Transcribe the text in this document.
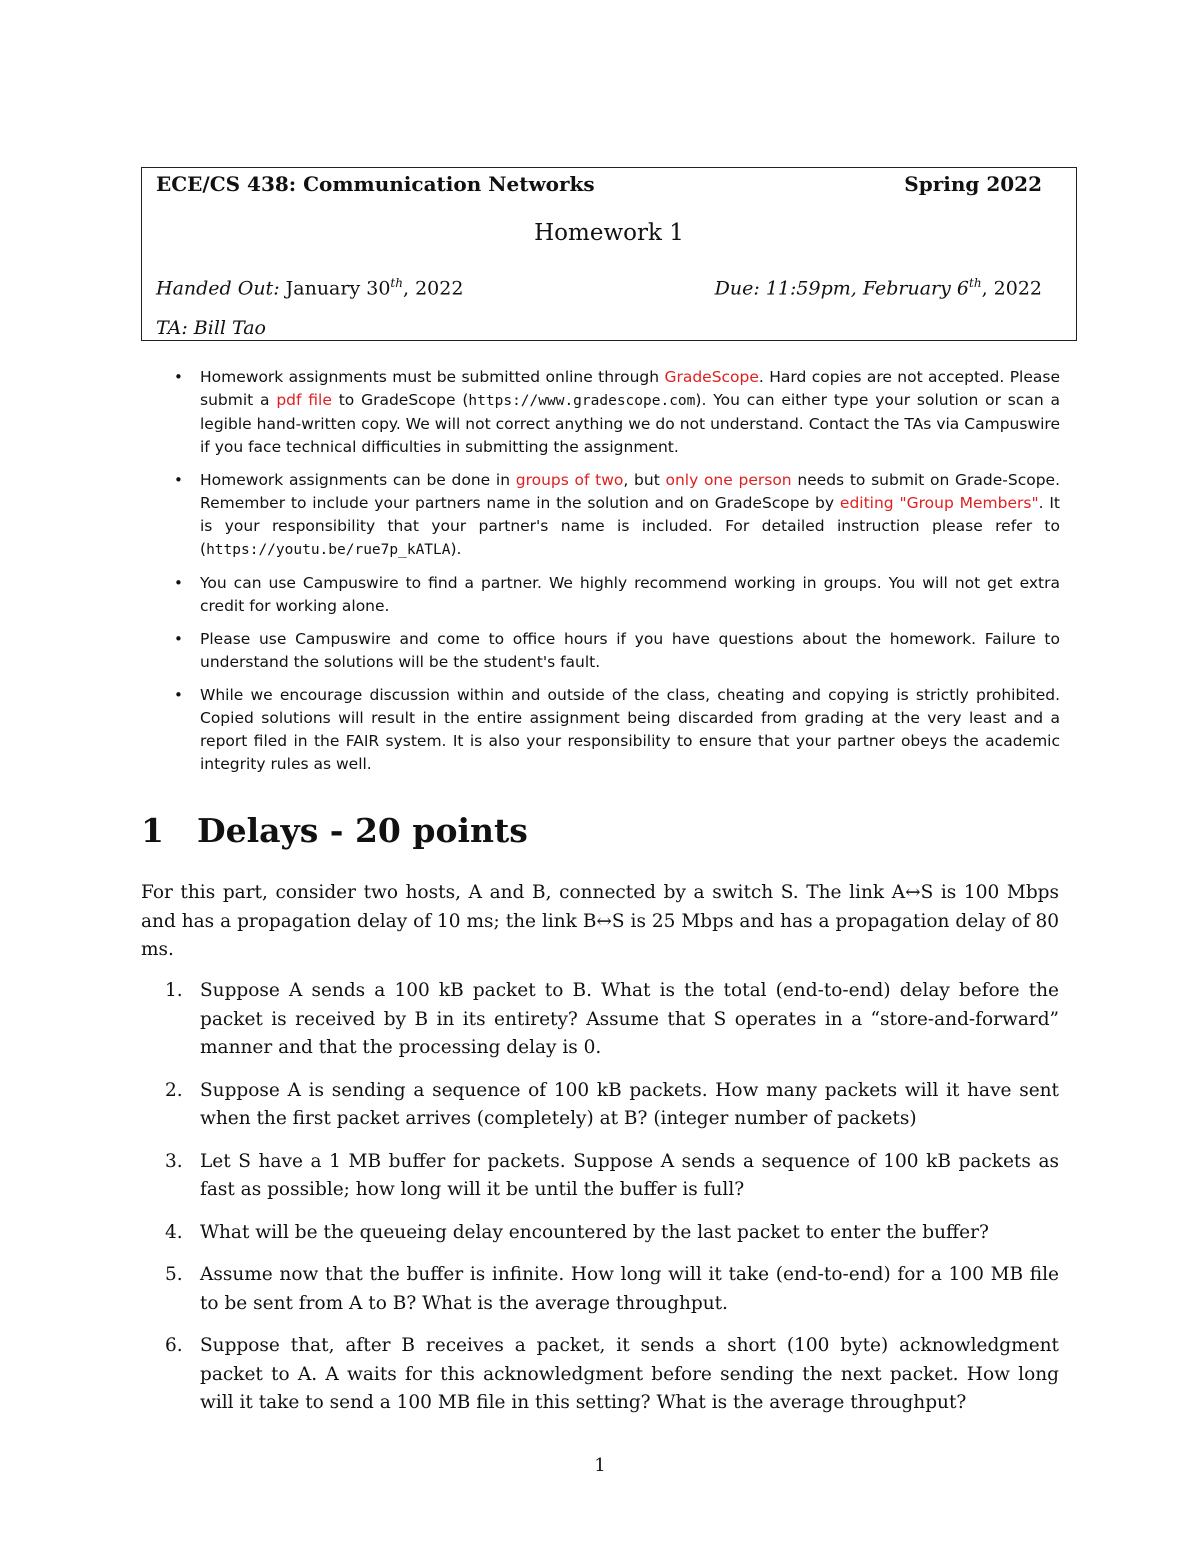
ECE/CS 438: Communication Networks	Spring 2022
Homework 1
Handed Out: January 30th, 2022	Due: 11:59pm, February 6th, 2022
TA: Bill Tao
• Homework assignments must be submitted online through GradeScope. Hard copies are not accepted. Please submit a pdf file to GradeScope (https://www.gradescope.com). You can either type your solution or scan a legible hand-written copy. We will not correct anything we do not understand. Contact the TAs via Campuswire if you face technical difficulties in submitting the assignment.
• Homework assignments can be done in groups of two, but only one person needs to submit on Grade-Scope. Remember to include your partners name in the solution and on GradeScope by editing "Group Members". It is your responsibility that your partner's name is included. For detailed instruction please refer to (https://youtu.be/rue7p_kATLA).
• You can use Campuswire to find a partner. We highly recommend working in groups. You will not get extra credit for working alone.
• Please use Campuswire and come to office hours if you have questions about the homework. Failure to understand the solutions will be the student's fault.
• While we encourage discussion within and outside of the class, cheating and copying is strictly prohibited. Copied solutions will result in the entire assignment being discarded from grading at the very least and a report filed in the FAIR system. It is also your responsibility to ensure that your partner obeys the academic integrity rules as well.
1 Delays - 20 points

For this part, consider two hosts, A and B, connected by a switch S. The link A↔S is 100 Mbps and has a propagation delay of 10 ms; the link B↔S is 25 Mbps and has a propagation delay of 80 ms.

1. Suppose A sends a 100 kB packet to B. What is the total (end-to-end) delay before the packet is received by B in its entirety? Assume that S operates in a “store-and-forward” manner and that the processing delay is 0.
2. Suppose A is sending a sequence of 100 kB packets. How many packets will it have sent when the first packet arrives (completely) at B? (integer number of packets)
3. Let S have a 1 MB buffer for packets. Suppose A sends a sequence of 100 kB packets as fast as possible; how long will it be until the buffer is full?
4. What will be the queueing delay encountered by the last packet to enter the buffer?
5. Assume now that the buffer is infinite. How long will it take (end-to-end) for a 100 MB file to be sent from A to B? What is the average throughput.
6. Suppose that, after B receives a packet, it sends a short (100 byte) acknowledgment packet to A. A waits for this acknowledgment before sending the next packet. How long will it take to send a 100 MB file in this setting? What is the average throughput?
1
